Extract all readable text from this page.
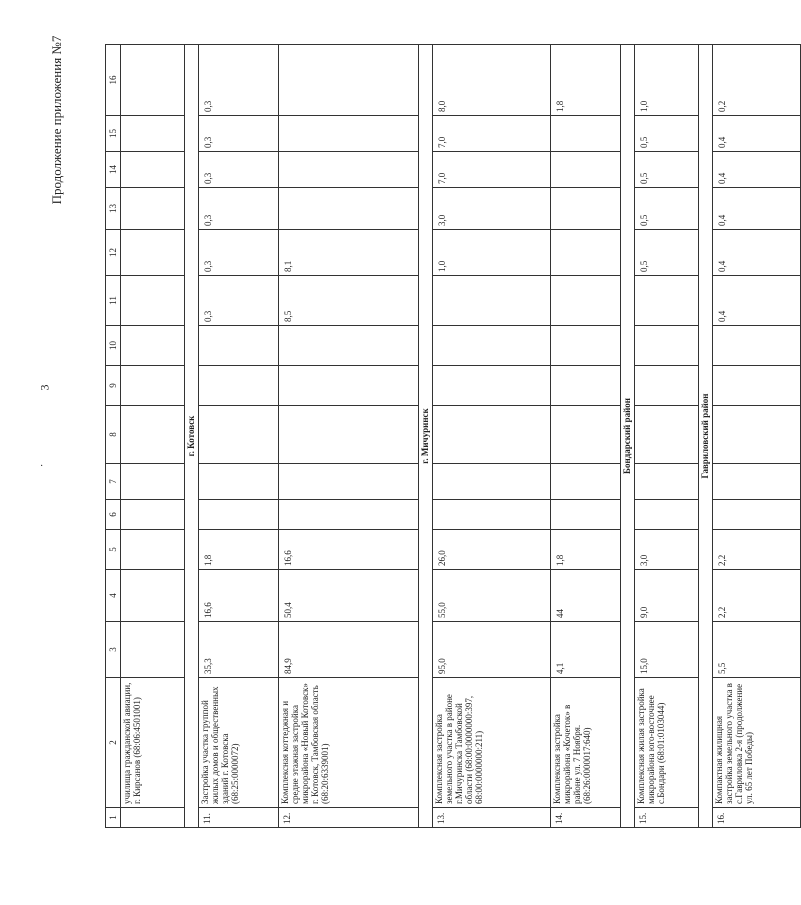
3
·
Продолжение приложения №7
1	2	3	4	5	6	7	8	9	10	11	12	13	14	15	16
	училища гражданской авиации, г. Кирсанов (68:06:4501001)														
г. Котовск															
11.	Застройка участка группой жилых домов и общественных зданий г. Котовска (68:25:0000072)	35,3	16,6	1,8						0,3	0,3	0,3	0,3	0,3	0,3
12.	Комплексная коттеджная и средне этажная застройка микрорайона «Новый Котовск» г. Котовск, Тамбовская область (68:20:6339001)	84,9	50,4	16,6						8,5	8,1				
г. Мичуринск															
13.	Комплексная застройка земельного участка в районе г.Мичуринска Тамбовской области (68:00:0000000:397, 68:00:0000000:211)	95,0	55,0	26,0							1,0	3,0	7,0	7,0	8,0
14.	Комплексная застройка микрорайона «Кочеток» в районе ул. 7 Ноября. (68:26:0000017:640)	4,1	44	1,8											1,8
Бондарский район															
15.	Комплексная жилая застройка микрорайона юго-восточнее с.Бондари (68:01:0103044)	15,0	9,0	3,0							0,5	0,5	0,5	0,5	1,0
Гавриловский район															
16.	Компактная жилищная застройка земельного участка в с.Гавриловка 2-я (продолжение ул. 65 лет Победы)	5,5	2,2	2,2						0,4	0,4	0,4	0,4	0,4	0,2
